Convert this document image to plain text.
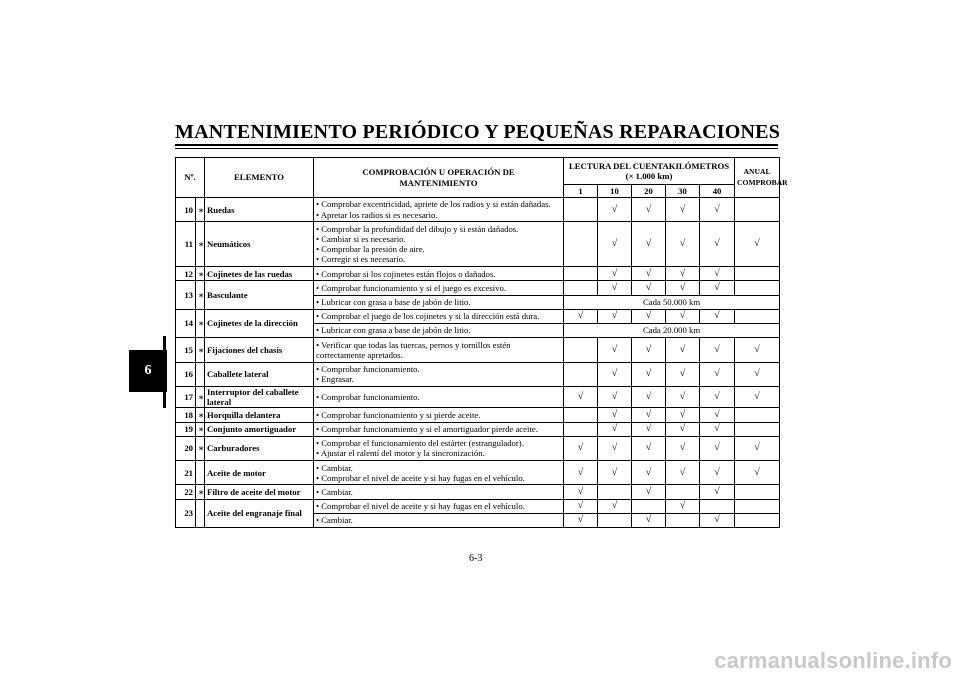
MANTENIMIENTO PERIÓDICO Y PEQUEÑAS REPARACIONES
6
Nº.		ELEMENTO	COMPROBACIÓN U OPERACIÓN DE
MANTENIMIENTO	LECTURA DEL CUENTAKILÓMETROS
(× 1.000 km)					ANUAL
COMPROBAR

				1	10	20	30	40	
10	∗	Ruedas	• Comprobar excentricidad, apriete de los radios y si están dañadas.
• Apretar los radios si es necesario.		√	√	√	√	
11	∗	Neumáticos	• Comprobar la profundidad del dibujo y si están dañados.
• Cambiar si es necesario.
• Comprobar la presión de aire.
• Corregir si es necesario.		√	√	√	√	√
12	∗	Cojinetes de las ruedas	• Comprobar si los cojinetes están flojos o dañados.		√	√	√	√	
13	∗	Basculante	• Comprobar funcionamiento y si el juego es excesivo.		√	√	√	√	

			• Lubricar con grasa a base de jabón de litio.	Cada 50.000 km					
14	∗	Cojinetes de la dirección	• Comprobar el juego de los cojinetes y si la dirección está dura.	√	√	√	√	√	

			• Lubricar con grasa a base de jabón de litio.	Cada 20.000 km					
15	∗	Fijaciones del chasis	• Verificar que todas las tuercas, pernos y tornillos estén
correctamente apretados.		√	√	√	√	√
16		Caballete lateral	• Comprobar funcionamiento.
• Engrasar.		√	√	√	√	√
17	∗	Interruptor del caballete lateral	• Comprobar funcionamiento.	√	√	√	√	√	√
18	∗	Horquilla delantera	• Comprobar funcionamiento y si pierde aceite.		√	√	√	√	
19	∗	Conjunto amortiguador	• Comprobar funcionamiento y si el amortiguador pierde aceite.		√	√	√	√	
20	∗	Carburadores	• Comprobar el funcionamiento del estárter (estrangulador).
• Ajustar el ralentí del motor y la sincronización.	√	√	√	√	√	√
21		Aceite de motor	• Cambiar.
• Comprobar el nivel de aceite y si hay fugas en el vehículo.	√	√	√	√	√	√
22	∗	Filtro de aceite del motor	• Cambiar.	√		√		√	
23		Aceite del engranaje final	• Comprobar el nivel de aceite y si hay fugas en el vehículo.	√	√		√		

			• Cambiar.	√		√		√	
6-3
carmanualsonline.info
